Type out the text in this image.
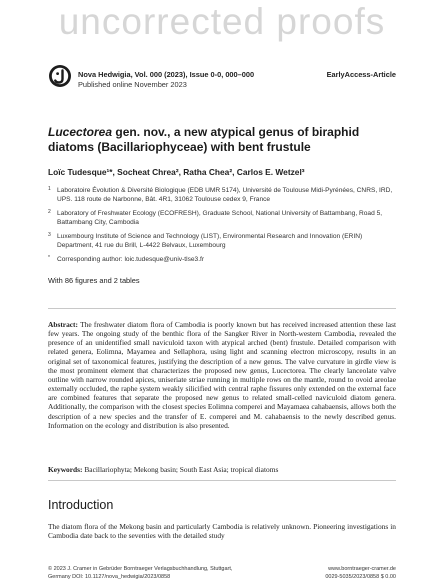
uncorrected proofs
Nova Hedwigia, Vol. 000 (2023), Issue 0-0, 000–000
Published online November 2023
EarlyAccess-Article
Lucectorea gen. nov., a new atypical genus of biraphid
diatoms (Bacillariophyceae) with bent frustule
Loïc Tudesque¹*, Socheat Chrea², Ratha Chea², Carlos E. Wetzel³
1 Laboratoire Évolution & Diversité Biologique (EDB UMR 5174), Université de Toulouse Midi-Pyrénées, CNRS, IRD, UPS. 118 route de Narbonne, Bât. 4R1, 31062 Toulouse cedex 9, France
2 Laboratory of Freshwater Ecology (ECOFRESH), Graduate School, National University of Battambang, Road 5, Battambang City, Cambodia
3 Luxembourg Institute of Science and Technology (LIST), Environmental Research and Innovation (ERIN) Department, 41 rue du Brill, L-4422 Belvaux, Luxembourg
*	Corresponding author: loic.tudesque@univ-tlse3.fr
With 86 figures and 2 tables
Abstract: The freshwater diatom flora of Cambodia is poorly known but has received increased attention these last few years. The ongoing study of the benthic flora of the Sangker River in North-western Cambodia, revealed the presence of an unidentified small naviculoid taxon with atypical arched (bent) frustule. Detailed comparison with related genera, Eolimna, Mayamea and Sellaphora, using light and scanning electron microscopy, results in an original set of taxonomical features, justifying the description of a new genus. The valve curvature in girdle view is the most prominent element that characterizes the proposed new genus, Lucectorea. The clearly lanceolate valve outline with narrow rounded apices, uniseriate striae running in multiple rows on the mantle, round to ovoid areolae externally occluded, the raphe system weakly silicified with central raphe fissures only extended on the external face are combined features that separate the proposed new genus to related small-celled naviculoid diatom genera. Additionally, the comparison with the closest species Eolimna comperei and Mayamaea cahabaensis, allows both the description of a new species and the transfer of E. comperei and M. cahabaensis to the newly described genus. Information on the ecology and distribution is also presented.
Keywords: Bacillariophyta; Mekong basin; South East Asia; tropical diatoms
Introduction
The diatom flora of the Mekong basin and particularly Cambodia is relatively unknown. Pioneering investigations in Cambodia date back to the seventies with the detailed study
© 2023 J. Cramer in Gebrüder Borntraeger Verlagsbuchhandlung, Stuttgart,
Germany DOI: 10.1127/nova_hedwigia/2023/0858
www.borntraeger-cramer.de
0029-5035/2023/0858 $ 0.00
